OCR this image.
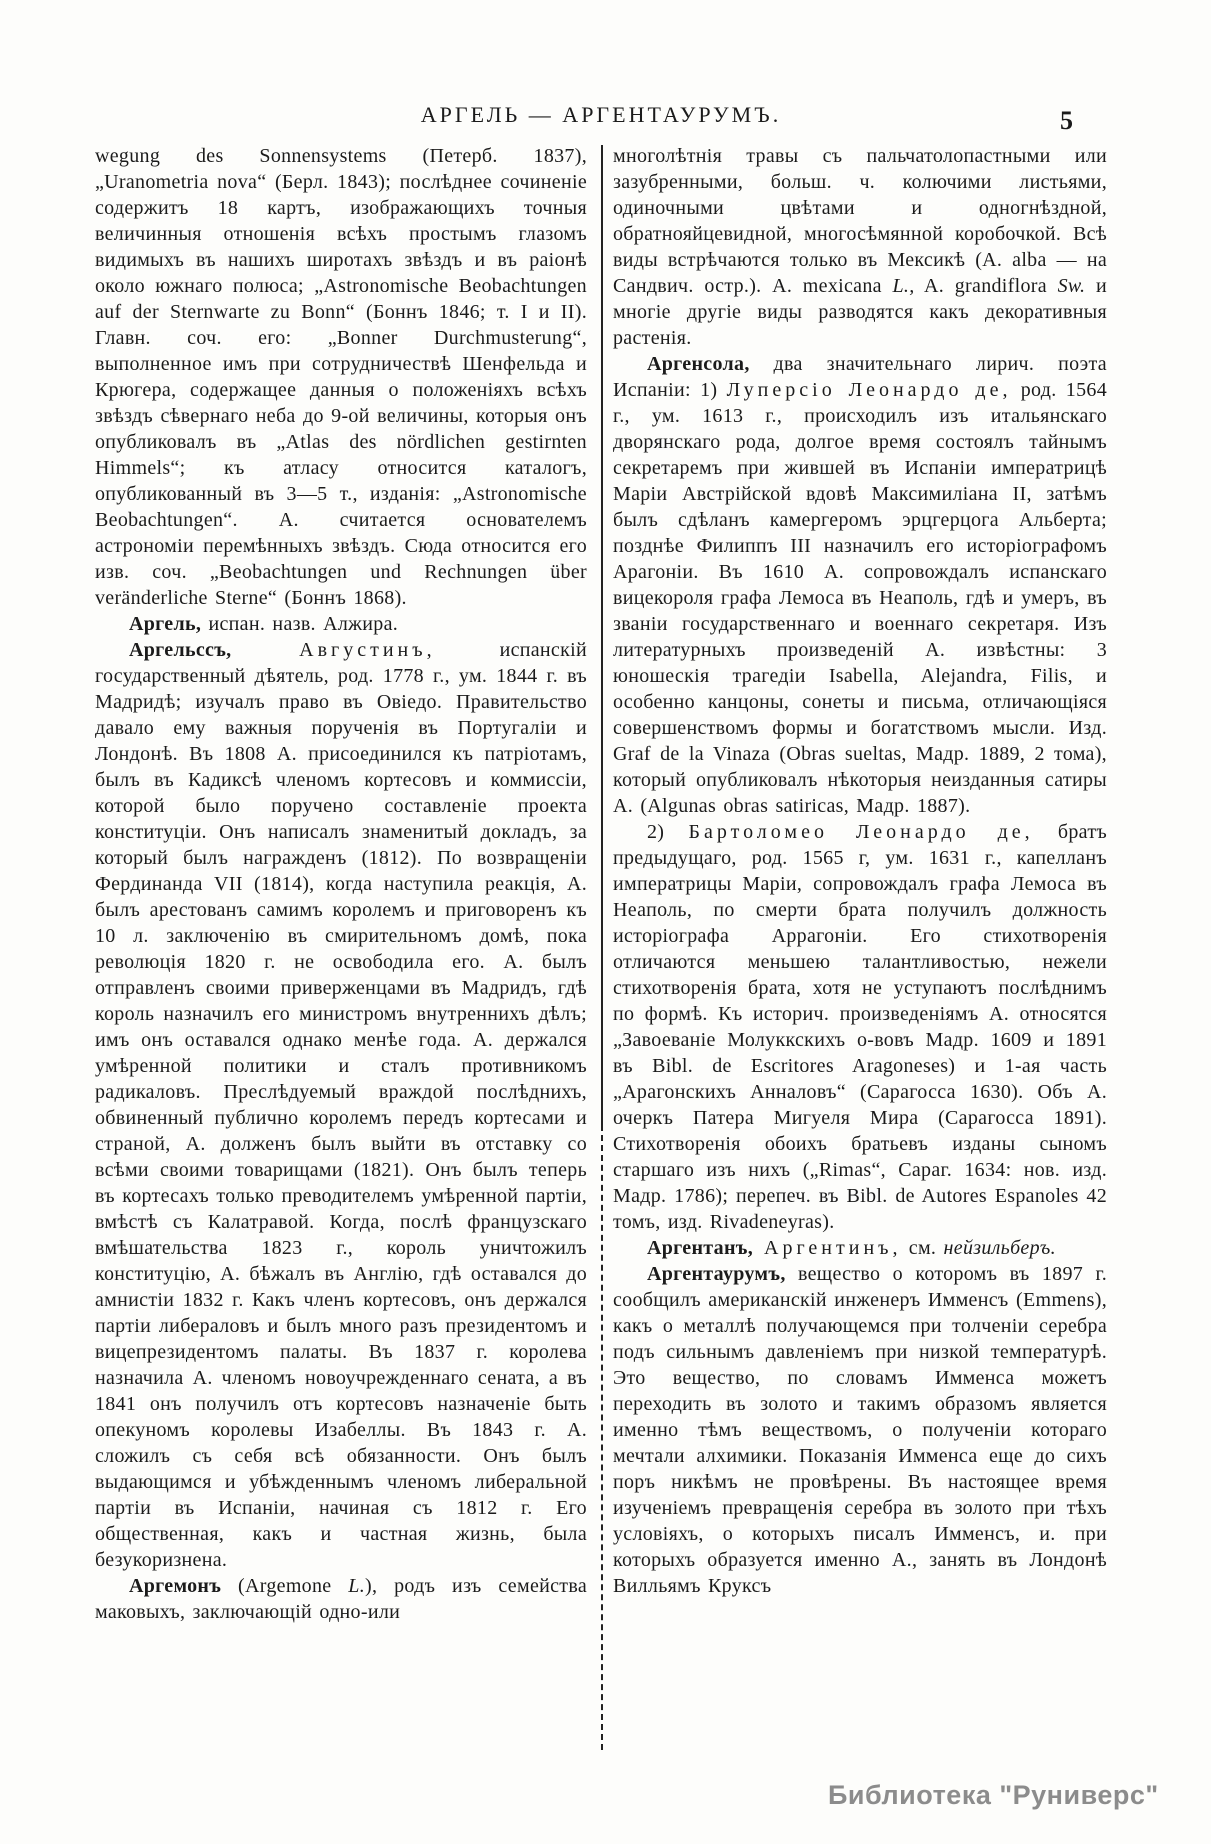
АРГЕЛЬ — АРГЕНТАУРУМЪ.	5

wegung des Sonnensystems (Петерб. 1837), „Uranometria nova“ (Берл. 1843); послѣднее сочиненіе содержитъ 18 картъ, изображающихъ точныя величинныя отношенія всѣхъ простымъ глазомъ видимыхъ въ нашихъ широтахъ звѣздъ и въ раіонѣ около южнаго полюса; „Astronomische Beobachtungen auf der Sternwarte zu Bonn“ (Боннъ 1846; т. I и II). Главн. соч. его: „Bonner Durchmusterung“, выполненное имъ при сотрудничествѣ Шенфельда и Крюгера, содержащее данныя о положеніяхъ всѣхъ звѣздъ сѣвернаго неба до 9-ой величины, которыя онъ опубликовалъ въ „Atlas des nördlichen gestirnten Himmels“; къ атласу относится каталогъ, опубликованный въ 3—5 т., изданія: „Astronomische Beobachtungen“. А. считается основателемъ астрономіи перемѣнныхъ звѣздъ. Сюда относится его изв. соч. „Beobachtungen und Rechnungen über veränderliche Sterne“ (Боннъ 1868).

Аргель, испан. назв. Алжира.

Аргельссъ, Августинъ, испанскій государственный дѣятель, род. 1778 г., ум. 1844 г. въ Мадридѣ; изучалъ право въ Овіедо. Правительство давало ему важныя порученія въ Португаліи и Лондонѣ. Въ 1808 А. присоединился къ патріотамъ, былъ въ Кадиксѣ членомъ кортесовъ и коммиссіи, которой было поручено составленіе проекта конституціи. Онъ написалъ знаменитый докладъ, за который былъ награжденъ (1812). По возвращеніи Фердинанда VII (1814), когда наступила реакція, А. былъ арестованъ самимъ королемъ и приговоренъ къ 10 л. заключенію въ смирительномъ домѣ, пока революція 1820 г. не освободила его. А. былъ отправленъ своими приверженцами въ Мадридъ, гдѣ король назначилъ его министромъ внутреннихъ дѣлъ; имъ онъ оставался однако менѣе года. А. держался умѣренной политики и сталъ противникомъ радикаловъ. Преслѣдуемый враждой послѣднихъ, обвиненный публично королемъ передъ кортесами и страной, А. долженъ былъ выйти въ отставку со всѣми своими товарищами (1821). Онъ былъ теперь въ кортесахъ только преводителемъ умѣренной партіи, вмѣстѣ съ Калатравой. Когда, послѣ французскаго вмѣшательства 1823 г., король уничтожилъ конституцію, А. бѣжалъ въ Англію, гдѣ оставался до амнистіи 1832 г. Какъ членъ кортесовъ, онъ держался партіи либераловъ и былъ много разъ президентомъ и вицепрезидентомъ палаты. Въ 1837 г. королева назначила А. членомъ новоучрежденнаго сената, а въ 1841 онъ получилъ отъ кортесовъ назначеніе быть опекуномъ королевы Изабеллы. Въ 1843 г. А. сложилъ съ себя всѣ обязанности. Онъ былъ выдающимся и убѣжденнымъ членомъ либеральной партіи въ Испаніи, начиная съ 1812 г. Его общественная, какъ и частная жизнь, была безукоризнена.

Аргемонъ (Argemone L.), родъ изъ семейства маковыхъ, заключающій одно-или

многолѣтнія травы съ пальчатолопастными или зазубренными, больш. ч. колючими листьями, одиночными цвѣтами и одногнѣздной, обратнояйцевидной, многосѣмянной коробочкой. Всѣ виды встрѣчаются только въ Мексикѣ (A. alba — на Сандвич. остр.). A. mexicana L., A. grandiflora Sw. и многіе другіе виды разводятся какъ декоративныя растенія.

Аргенсола, два значительнаго лирич. поэта Испаніи: 1) Луперсіо Леонардо де, род. 1564 г., ум. 1613 г., происходилъ изъ итальянскаго дворянскаго рода, долгое время состоялъ тайнымъ секретаремъ при жившей въ Испаніи императрицѣ Маріи Австрійской вдовѣ Максимиліана II, затѣмъ былъ сдѣланъ камергеромъ эрцгерцога Альберта; позднѣе Филиппъ III назначилъ его исторіографомъ Арагоніи. Въ 1610 А. сопровождалъ испанскаго вицекороля графа Лемоса въ Неаполь, гдѣ и умеръ, въ званіи государственнаго и военнаго секретаря. Изъ литературныхъ произведеній А. извѣстны: 3 юношескія трагедіи Isabella, Alejandra, Filis, и особенно канцоны, сонеты и письма, отличающіяся совершенствомъ формы и богатствомъ мысли. Изд. Graf de la Vinaza (Obras sueltas, Мадр. 1889, 2 тома), который опубликовалъ нѣкоторыя неизданныя сатиры А. (Algunas obras satiricas, Мадр. 1887).

2) Бартоломео Леонардо де, братъ предыдущаго, род. 1565 г, ум. 1631 г., капелланъ императрицы Маріи, сопровождалъ графа Лемоса въ Неаполь, по смерти брата получилъ должность исторіографа Аррагоніи. Его стихотворенія отличаются меньшею талантливостью, нежели стихотворенія брата, хотя не уступаютъ послѣднимъ по формѣ. Къ историч. произведеніямъ А. относятся „Завоеваніе Молуккскихъ о-вовъ Мадр. 1609 и 1891 въ Bibl. de Escritores Aragoneses) и 1-ая часть „Арагонскихъ Анналовъ“ (Сарагосса 1630). Объ А. очеркъ Патера Мигуеля Мира (Сарагосса 1891). Стихотворенія обоихъ братьевъ изданы сыномъ старшаго изъ нихъ („Rimas“, Сараг. 1634: нов. изд. Мадр. 1786); перепеч. въ Bibl. de Autores Espanoles 42 томъ, изд. Rivadeneyras).

Аргентанъ, Аргентинъ, см. нейзильберъ.

Аргентаурумъ, вещество о которомъ въ 1897 г. сообщилъ американскій инженеръ Имменсъ (Emmens), какъ о металлѣ получающемся при толченіи серебра подъ сильнымъ давленіемъ при низкой температурѣ. Это вещество, по словамъ Имменса можетъ переходить въ золото и такимъ образомъ является именно тѣмъ веществомъ, о полученіи котораго мечтали алхимики. Показанія Имменса еще до сихъ поръ никѣмъ не провѣрены. Въ настоящее время изученіемъ превращенія серебра въ золото при тѣхъ условіяхъ, о которыхъ писалъ Имменсъ, и. при которыхъ образуется именно А., занять въ Лондонѣ Вилльямъ Круксъ

Библиотека "Руниверс"
